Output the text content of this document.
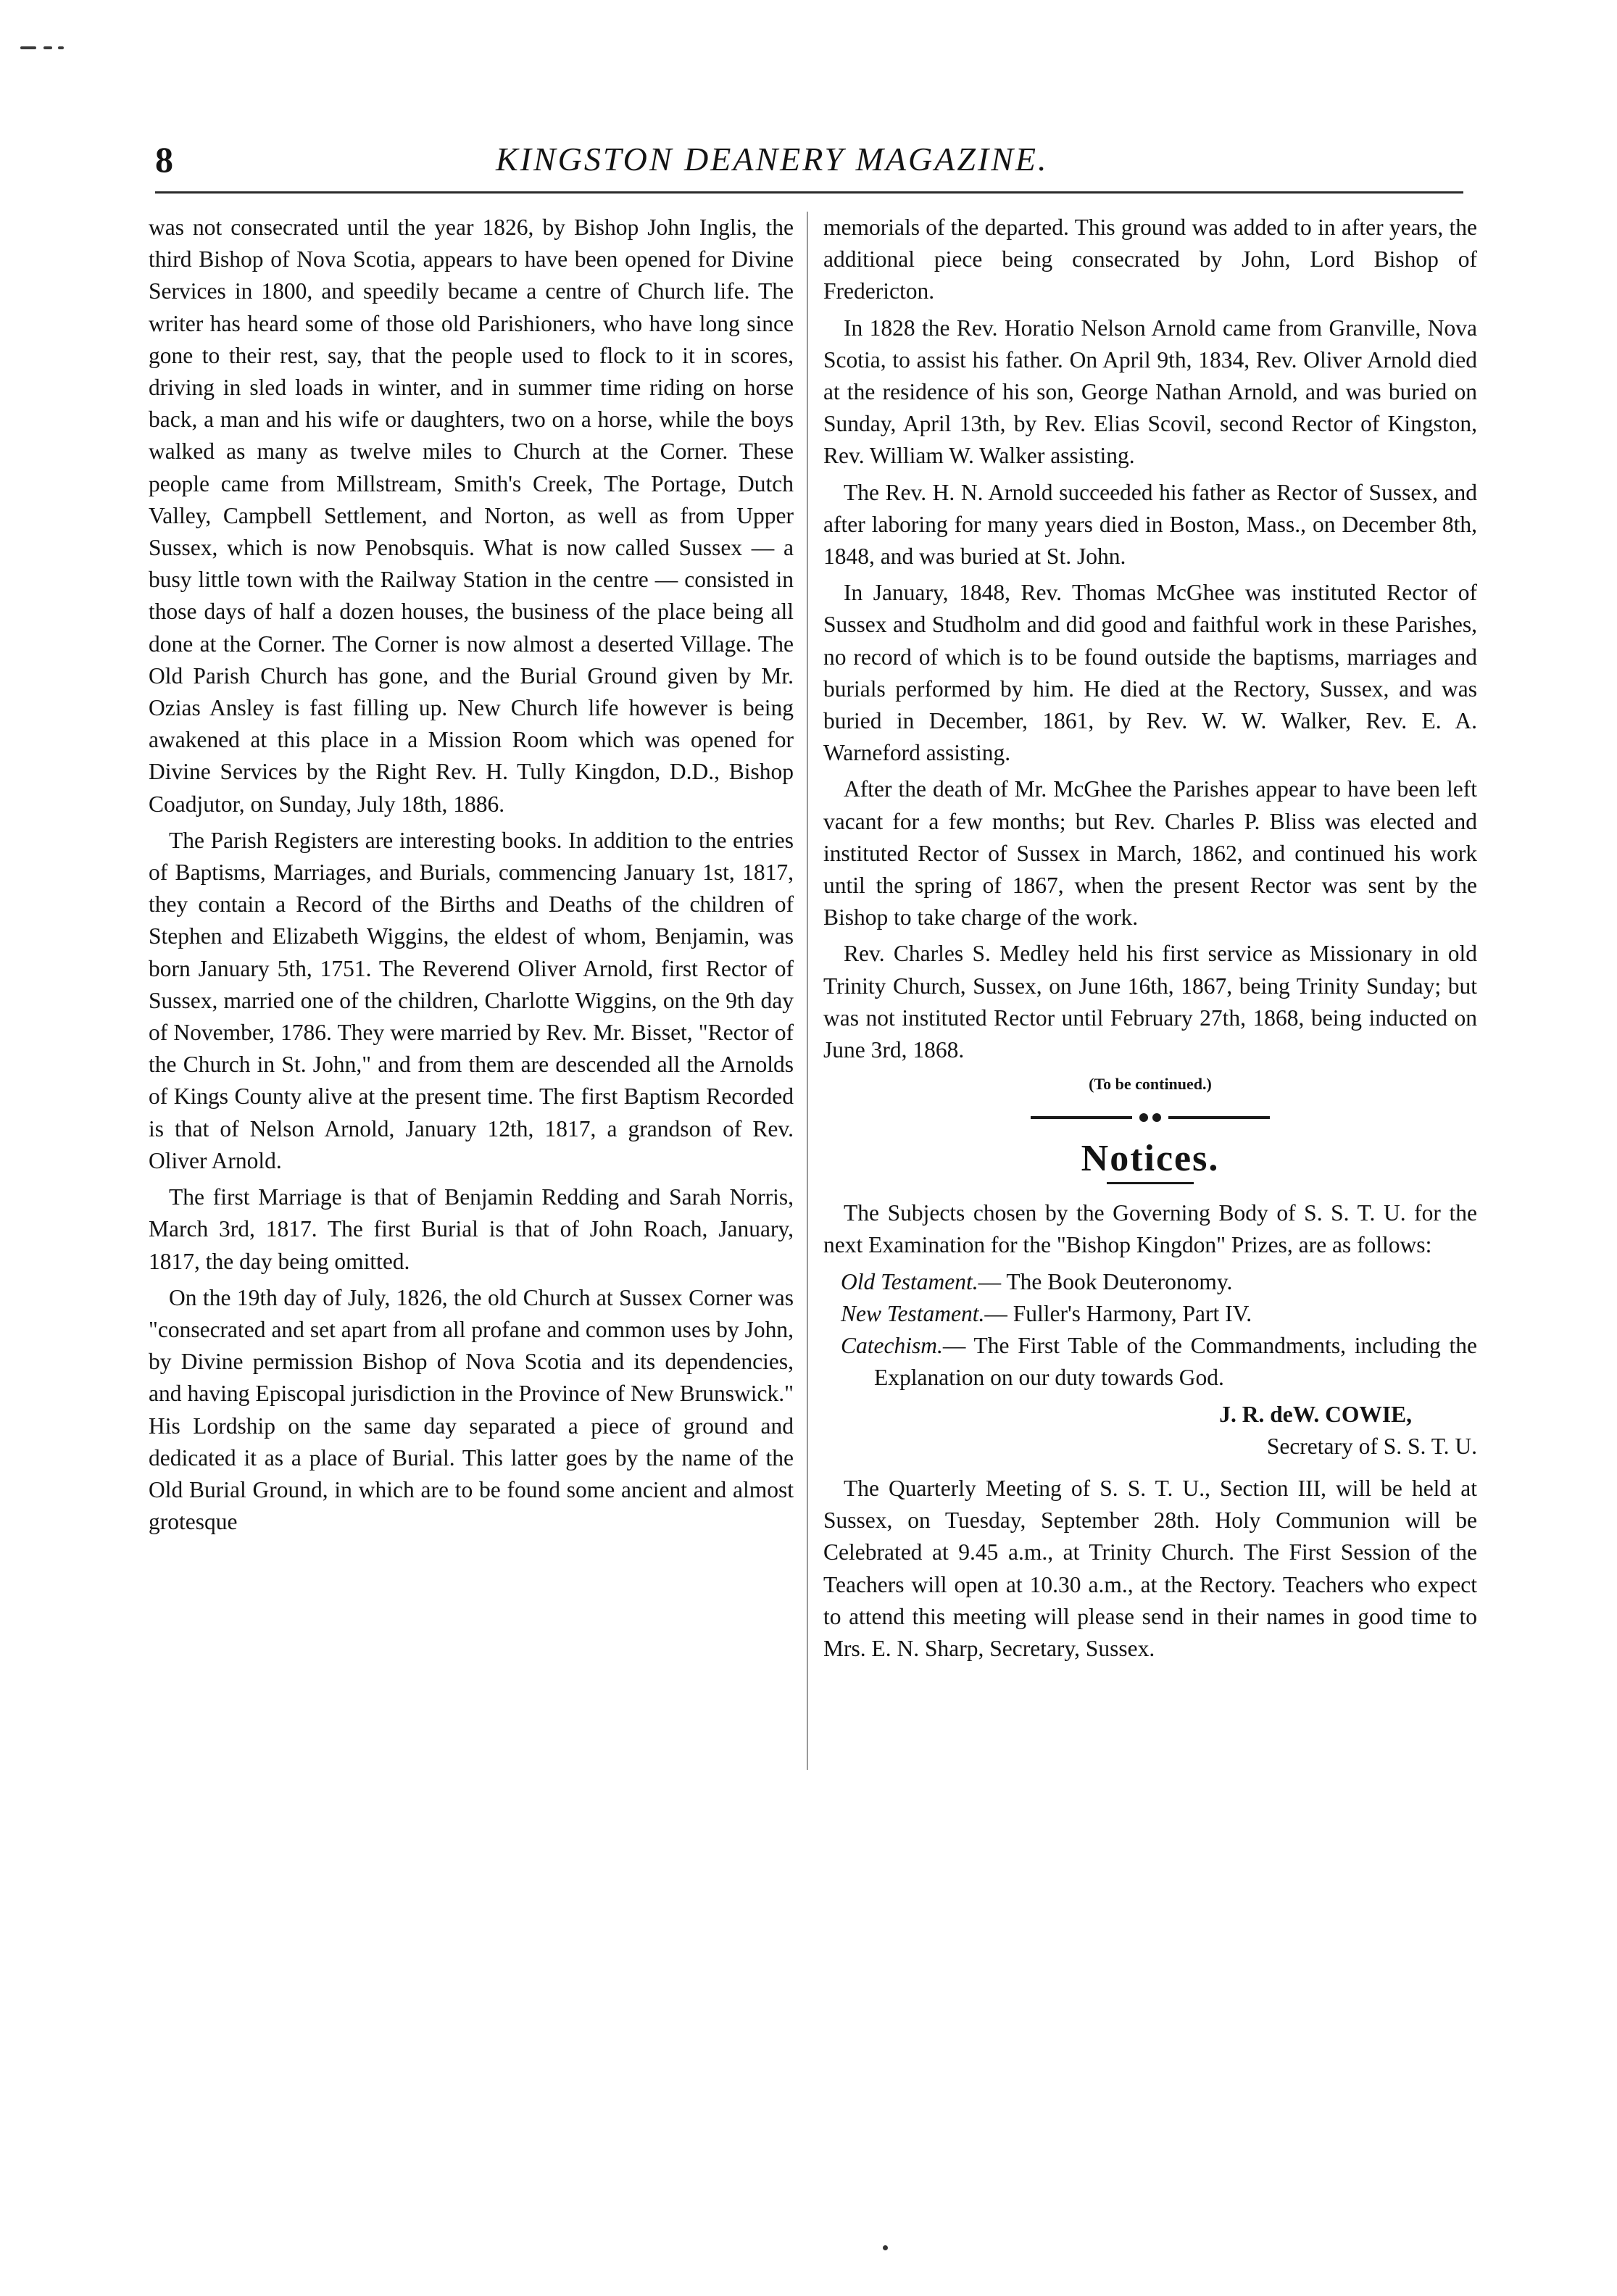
8	KINGSTON DEANERY MAGAZINE.

was not consecrated until the year 1826, by Bishop John Inglis, the third Bishop of Nova Scotia, appears to have been opened for Divine Services in 1800, and speedily became a centre of Church life. The writer has heard some of those old Parishioners, who have long since gone to their rest, say, that the people used to flock to it in scores, driving in sled loads in winter, and in summer time riding on horse back, a man and his wife or daughters, two on a horse, while the boys walked as many as twelve miles to Church at the Corner. These people came from Millstream, Smith's Creek, The Portage, Dutch Valley, Campbell Settlement, and Norton, as well as from Upper Sussex, which is now Penobsquis. What is now called Sussex — a busy little town with the Railway Station in the centre — consisted in those days of half a dozen houses, the business of the place being all done at the Corner. The Corner is now almost a deserted Village. The Old Parish Church has gone, and the Burial Ground given by Mr. Ozias Ansley is fast filling up. New Church life however is being awakened at this place in a Mission Room which was opened for Divine Services by the Right Rev. H. Tully Kingdon, D.D., Bishop Coadjutor, on Sunday, July 18th, 1886.

The Parish Registers are interesting books. In addition to the entries of Baptisms, Marriages, and Burials, commencing January 1st, 1817, they contain a Record of the Births and Deaths of the children of Stephen and Elizabeth Wiggins, the eldest of whom, Benjamin, was born January 5th, 1751. The Reverend Oliver Arnold, first Rector of Sussex, married one of the children, Charlotte Wiggins, on the 9th day of November, 1786. They were married by Rev. Mr. Bisset, "Rector of the Church in St. John," and from them are descended all the Arnolds of Kings County alive at the present time. The first Baptism Recorded is that of Nelson Arnold, January 12th, 1817, a grandson of Rev. Oliver Arnold.

The first Marriage is that of Benjamin Redding and Sarah Norris, March 3rd, 1817. The first Burial is that of John Roach, January, 1817, the day being omitted.

On the 19th day of July, 1826, the old Church at Sussex Corner was "consecrated and set apart from all profane and common uses by John, by Divine permission Bishop of Nova Scotia and its dependencies, and having Episcopal jurisdiction in the Province of New Brunswick." His Lordship on the same day separated a piece of ground and dedicated it as a place of Burial. This latter goes by the name of the Old Burial Ground, in which are to be found some ancient and almost grotesque

memorials of the departed. This ground was added to in after years, the additional piece being consecrated by John, Lord Bishop of Fredericton.

In 1828 the Rev. Horatio Nelson Arnold came from Granville, Nova Scotia, to assist his father. On April 9th, 1834, Rev. Oliver Arnold died at the residence of his son, George Nathan Arnold, and was buried on Sunday, April 13th, by Rev. Elias Scovil, second Rector of Kingston, Rev. William W. Walker assisting.

The Rev. H. N. Arnold succeeded his father as Rector of Sussex, and after laboring for many years died in Boston, Mass., on December 8th, 1848, and was buried at St. John.

In January, 1848, Rev. Thomas McGhee was instituted Rector of Sussex and Studholm and did good and faithful work in these Parishes, no record of which is to be found outside the baptisms, marriages and burials performed by him. He died at the Rectory, Sussex, and was buried in December, 1861, by Rev. W. W. Walker, Rev. E. A. Warneford assisting.

After the death of Mr. McGhee the Parishes appear to have been left vacant for a few months; but Rev. Charles P. Bliss was elected and instituted Rector of Sussex in March, 1862, and continued his work until the spring of 1867, when the present Rector was sent by the Bishop to take charge of the work.

Rev. Charles S. Medley held his first service as Missionary in old Trinity Church, Sussex, on June 16th, 1867, being Trinity Sunday; but was not instituted Rector until February 27th, 1868, being inducted on June 3rd, 1868.

(To be continued.)
Notices.

The Subjects chosen by the Governing Body of S. S. T. U. for the next Examination for the "Bishop Kingdon" Prizes, are as follows:

Old Testament.— The Book Deuteronomy.

New Testament.— Fuller's Harmony, Part IV.

Catechism.— The First Table of the Commandments, including the Explanation on our duty towards God.

J. R. deW. COWIE,

Secretary of S. S. T. U.

The Quarterly Meeting of S. S. T. U., Section III, will be held at Sussex, on Tuesday, September 28th. Holy Communion will be Celebrated at 9.45 a.m., at Trinity Church. The First Session of the Teachers will open at 10.30 a.m., at the Rectory. Teachers who expect to attend this meeting will please send in their names in good time to Mrs. E. N. Sharp, Secretary, Sussex.
